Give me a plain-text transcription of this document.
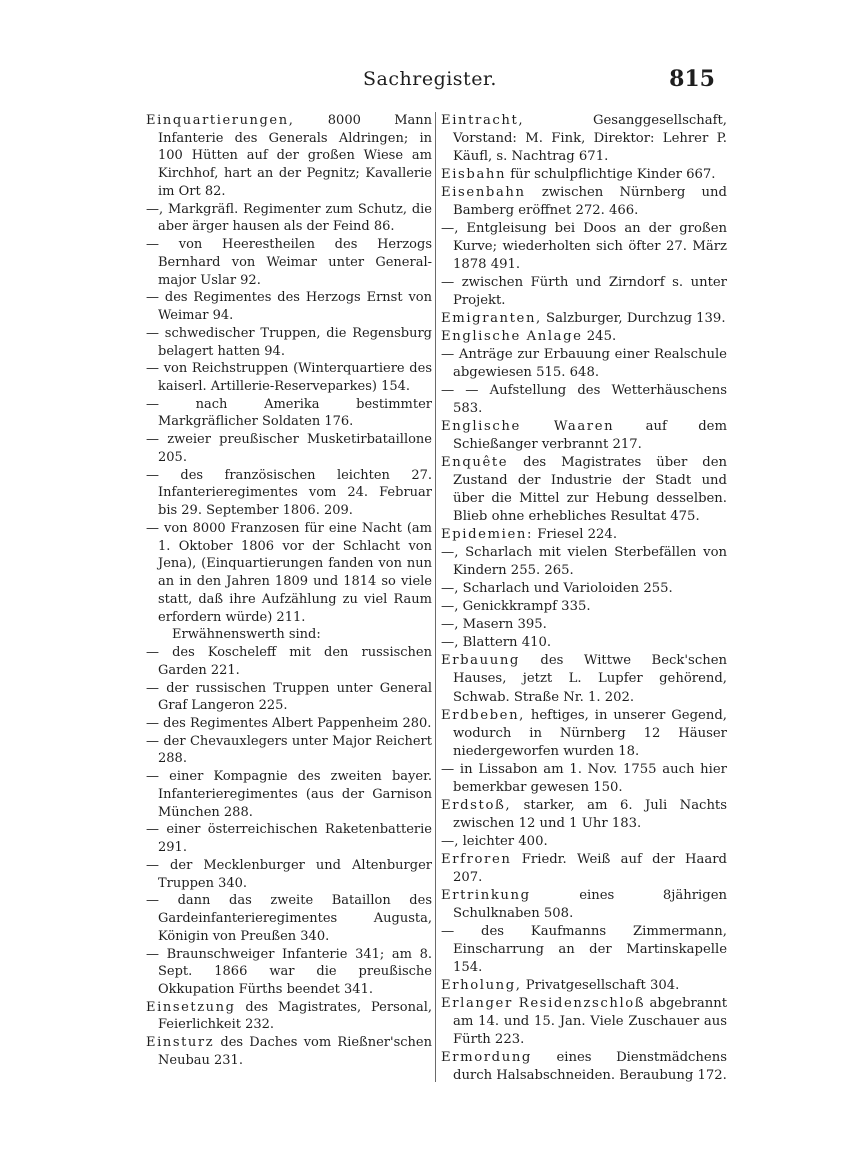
Sachregister.	815

Einquartierungen, 8000 Mann Infanterie des Generals Aldringen; in 100 Hütten auf der großen Wiese am Kirchhof, hart an der Pegnitz; Kavallerie im Ort 82.

—, Markgräfl. Regimenter zum Schutz, die aber ärger hausen als der Feind 86.

— von Heerestheilen des Herzogs Bernhard von Weimar unter General-major Uslar 92.

— des Regimentes des Herzogs Ernst von Weimar 94.

— schwedischer Truppen, die Regensburg belagert hatten 94.

— von Reichstruppen (Winterquartiere des kaiserl. Artillerie-Reserveparkes) 154.

— nach Amerika bestimmter Markgräflicher Soldaten 176.

— zweier preußischer Musketirbataillone 205.

— des französischen leichten 27. Infanterieregimentes vom 24. Februar bis 29. September 1806. 209.

— von 8000 Franzosen für eine Nacht (am 1. Oktober 1806 vor der Schlacht von Jena), (Einquartierungen fanden von nun an in den Jahren 1809 und 1814 so viele statt, daß ihre Aufzählung zu viel Raum erfordern würde) 211.

Erwähnenswerth sind:

— des Koscheleff mit den russischen Garden 221.

— der russischen Truppen unter General Graf Langeron 225.

— des Regimentes Albert Pappenheim 280.

— der Chevauxlegers unter Major Reichert 288.

— einer Kompagnie des zweiten bayer. Infanterieregimentes (aus der Garnison München 288.

— einer österreichischen Raketenbatterie 291.

— der Mecklenburger und Altenburger Truppen 340.

— dann das zweite Bataillon des Gardeinfanterieregimentes Augusta, Königin von Preußen 340.

— Braunschweiger Infanterie 341; am 8. Sept. 1866 war die preußische Okkupation Fürths beendet 341.

Einsetzung des Magistrates, Personal, Feierlichkeit 232.

Einsturz des Daches vom Rießner'schen Neubau 231.

Eintracht, Gesanggesellschaft, Vorstand: M. Fink, Direktor: Lehrer P. Käufl, s. Nachtrag 671.

Eisbahn für schulpflichtige Kinder 667.

Eisenbahn zwischen Nürnberg und Bamberg eröffnet 272. 466.

—, Entgleisung bei Doos an der großen Kurve; wiederholten sich öfter 27. März 1878 491.

— zwischen Fürth und Zirndorf s. unter Projekt.

Emigranten, Salzburger, Durchzug 139.

Englische Anlage 245.

— Anträge zur Erbauung einer Realschule abgewiesen 515. 648.

— — Aufstellung des Wetterhäuschens 583.

Englische Waaren auf dem Schießanger verbrannt 217.

Enquête des Magistrates über den Zustand der Industrie der Stadt und über die Mittel zur Hebung desselben. Blieb ohne erhebliches Resultat 475.

Epidemien: Friesel 224.

—, Scharlach mit vielen Sterbefällen von Kindern 255. 265.

—, Scharlach und Varioloiden 255.

—, Genickkrampf 335.

—, Masern 395.

—, Blattern 410.

Erbauung des Wittwe Beck'schen Hauses, jetzt L. Lupfer gehörend, Schwab. Straße Nr. 1. 202.

Erdbeben, heftiges, in unserer Gegend, wodurch in Nürnberg 12 Häuser niedergeworfen wurden 18.

— in Lissabon am 1. Nov. 1755 auch hier bemerkbar gewesen 150.

Erdstoß, starker, am 6. Juli Nachts zwischen 12 und 1 Uhr 183.

—, leichter 400.

Erfroren Friedr. Weiß auf der Haard 207.

Ertrinkung eines 8jährigen Schulknaben 508.

— des Kaufmanns Zimmermann, Einscharrung an der Martinskapelle 154.

Erholung, Privatgesellschaft 304.

Erlanger Residenzschloß abgebrannt am 14. und 15. Jan. Viele Zuschauer aus Fürth 223.

Ermordung eines Dienstmädchens durch Halsabschneiden. Beraubung 172.
